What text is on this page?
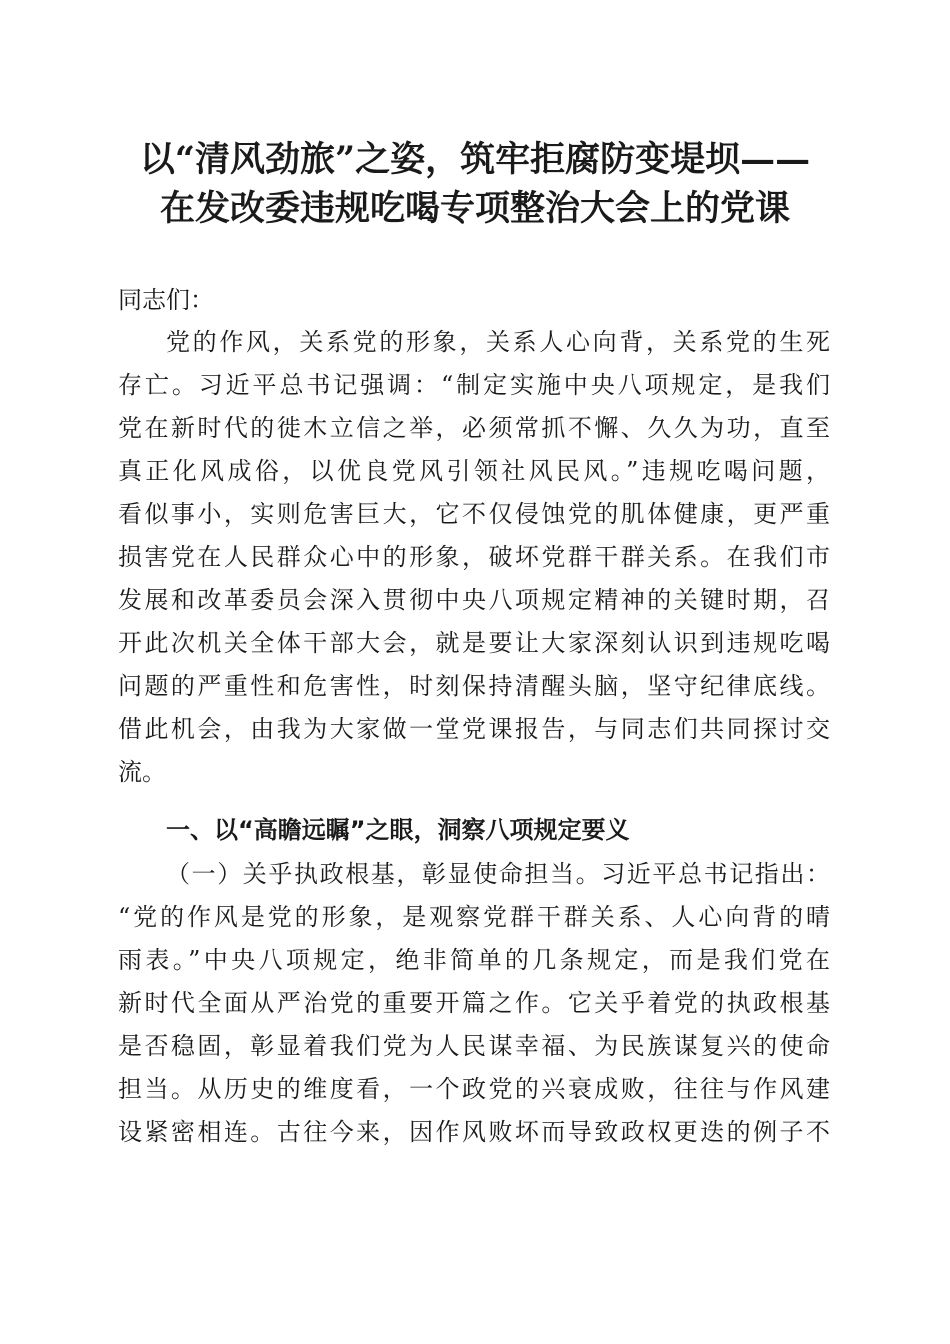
以“清风劲旅”之姿，筑牢拒腐防变堤坝——
在发改委违规吃喝专项整治大会上的党课
同志们：
党的作风，关系党的形象，关系人心向背，关系党的生死
存亡。习近平总书记强调：“制定实施中央八项规定，是我们
党在新时代的徙木立信之举，必须常抓不懈、久久为功，直至
真正化风成俗，以优良党风引领社风民风。”违规吃喝问题，
看似事小，实则危害巨大，它不仅侵蚀党的肌体健康，更严重
损害党在人民群众心中的形象，破坏党群干群关系。在我们市
发展和改革委员会深入贯彻中央八项规定精神的关键时期，召
开此次机关全体干部大会，就是要让大家深刻认识到违规吃喝
问题的严重性和危害性，时刻保持清醒头脑，坚守纪律底线。
借此机会，由我为大家做一堂党课报告，与同志们共同探讨交
流。
一、以“高瞻远瞩”之眼，洞察八项规定要义
（一）关乎执政根基，彰显使命担当。习近平总书记指出：
“党的作风是党的形象，是观察党群干群关系、人心向背的晴
雨表。”中央八项规定，绝非简单的几条规定，而是我们党在
新时代全面从严治党的重要开篇之作。它关乎着党的执政根基
是否稳固，彰显着我们党为人民谋幸福、为民族谋复兴的使命
担当。从历史的维度看，一个政党的兴衰成败，往往与作风建
设紧密相连。古往今来，因作风败坏而导致政权更迭的例子不
